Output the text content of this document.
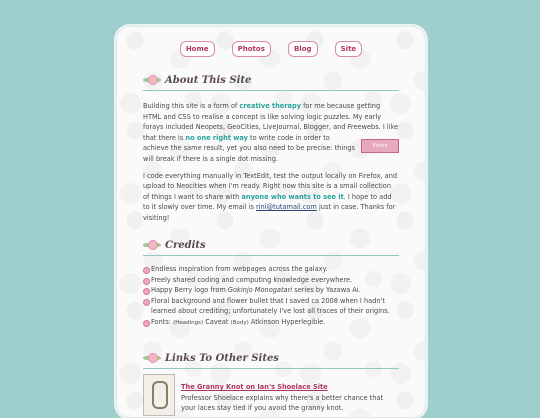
Home	Photos	Blog	Site
About This Site

Building this site is a form of creative therapy for me because getting HTML and CSS to realise a concept is like solving logic puzzles. My early forays included Neopets, GeoCities, LiveJournal, Blogger, and Freewebs. I like that there is
Fonts
no one right way to write code in order to achieve the same result, yet you also need to be precise: things will break if there is a single dot missing.

I code everything manually in TextEdit, test the output locally on Firefox, and upload to Neocities when I'm ready. Right now this site is a small collection of things I want to share with anyone who wants to see it. I hope to add to it slowly over time. My email is rini@tutamail.com just in case. Thanks for visiting!

Credits
Endless inspiration from webpages across the galaxy.
Freely shared coding and computing knowledge everywhere.
Happy Berry logo from Gokinjo Monogatari series by Yazawa Ai.
Floral background and flower bullet that I saved ca 2008 when I hadn't learned about crediting; unfortunately I've lost all traces of their origins.
Fonts: (Headings) Caveat (Body) Atkinson Hyperlegible.
Links To Other Sites
The Granny Knot on Ian's Shoelace Site
Professor Shoelace explains why there's a better chance that your laces stay tied if you avoid the granny knot.
